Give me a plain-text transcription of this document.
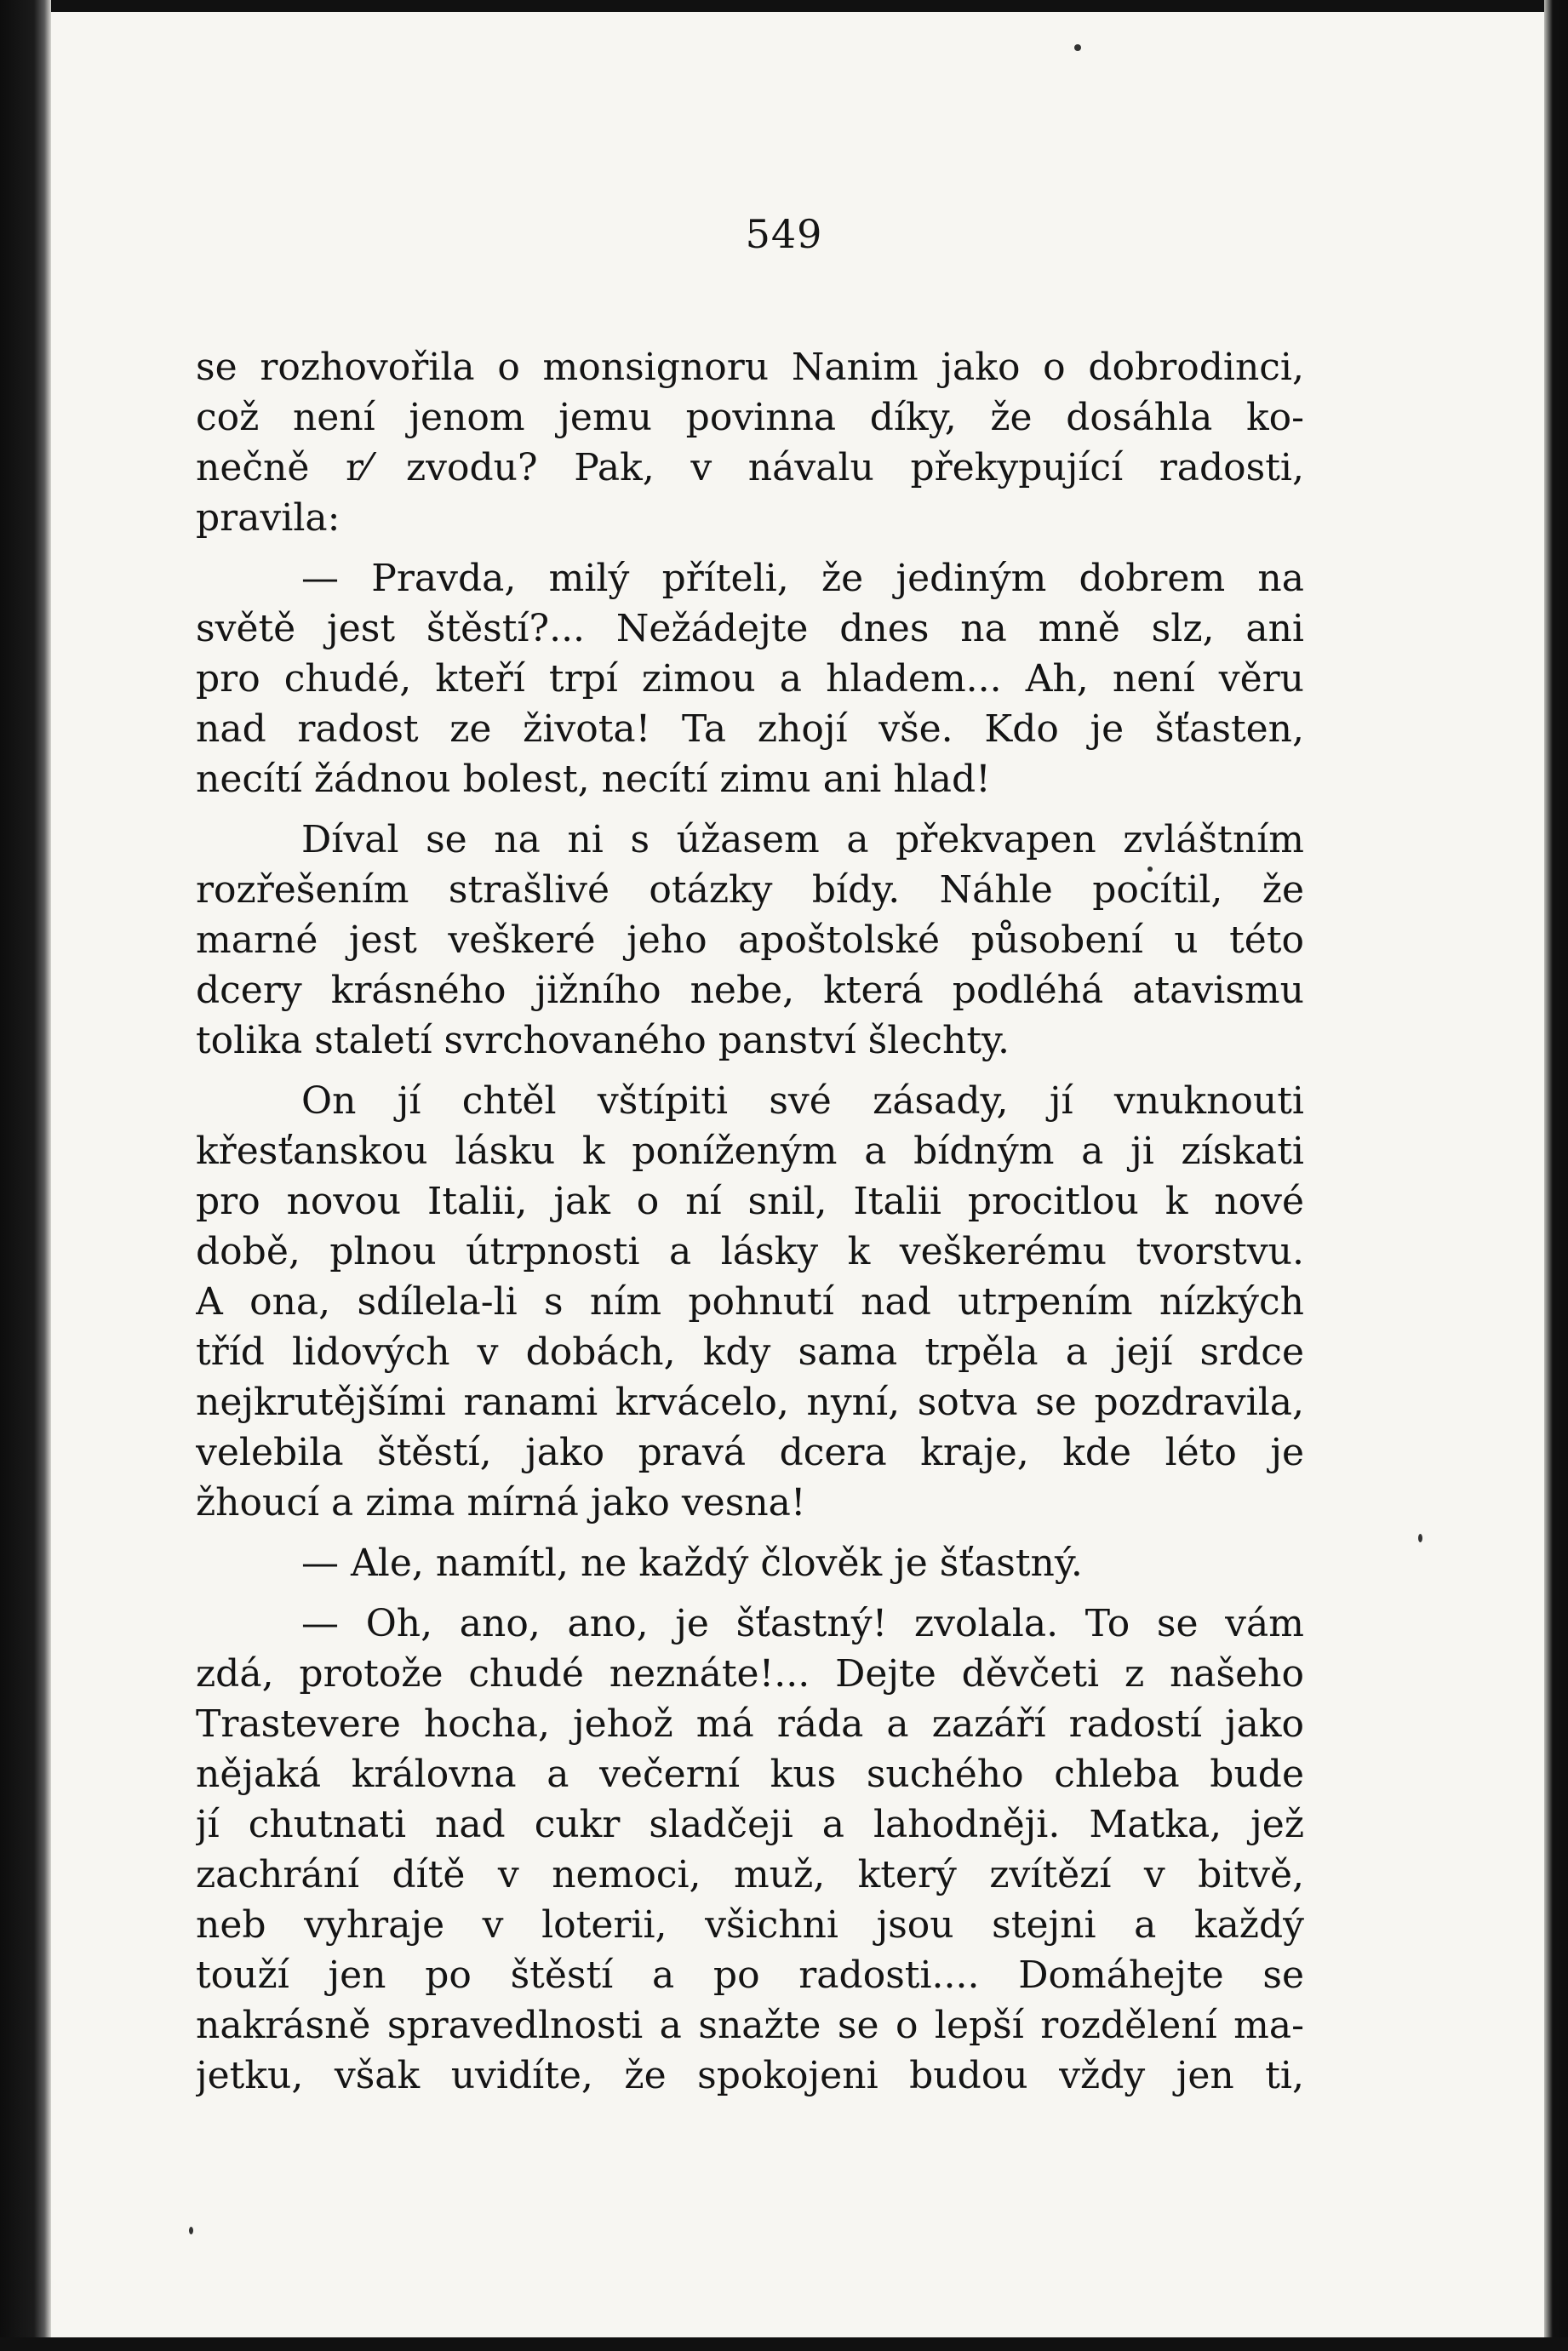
549
se rozhovořila o monsignoru Nanim jako o dobrodinci,
což není jenom jemu povinna díky, že dosáhla ko-
nečně r⁄ zvodu? Pak, v návalu překypující radosti,
pravila:
— Pravda, milý příteli, že jediným dobrem na
světě jest štěstí?... Nežádejte dnes na mně slz, ani
pro chudé, kteří trpí zimou a hladem... Ah, není věru
nad radost ze života! Ta zhojí vše. Kdo je šťasten,
necítí žádnou bolest, necítí zimu ani hlad!
Díval se na ni s úžasem a překvapen zvláštním
rozřešením strašlivé otázky bídy. Náhle pocítil, že
marné jest veškeré jeho apoštolské působení u této
dcery krásného jižního nebe, která podléhá atavismu
tolika staletí svrchovaného panství šlechty.
On jí chtěl vštípiti své zásady, jí vnuknouti
křesťanskou lásku k poníženým a bídným a ji získati
pro novou Italii, jak o ní snil, Italii procitlou k nové
době, plnou útrpnosti a lásky k veškerému tvorstvu.
A ona, sdílela-li s ním pohnutí nad utrpením nízkých
tříd lidových v dobách, kdy sama trpěla a její srdce
nejkrutějšími ranami krvácelo, nyní, sotva se pozdravila,
velebila štěstí, jako pravá dcera kraje, kde léto je
žhoucí a zima mírná jako vesna!
— Ale, namítl, ne každý člověk je šťastný.
— Oh, ano, ano, je šťastný! zvolala. To se vám
zdá, protože chudé neznáte!... Dejte děvčeti z našeho
Trastevere hocha, jehož má ráda a zazáří radostí jako
nějaká královna a večerní kus suchého chleba bude
jí chutnati nad cukr sladčeji a lahodněji. Matka, jež
zachrání dítě v nemoci, muž, který zvítězí v bitvě,
neb vyhraje v loterii, všichni jsou stejni a každý
touží jen po štěstí a po radosti.... Domáhejte se
nakrásně spravedlnosti a snažte se o lepší rozdělení ma-
jetku, však uvidíte, že spokojeni budou vždy jen ti,
